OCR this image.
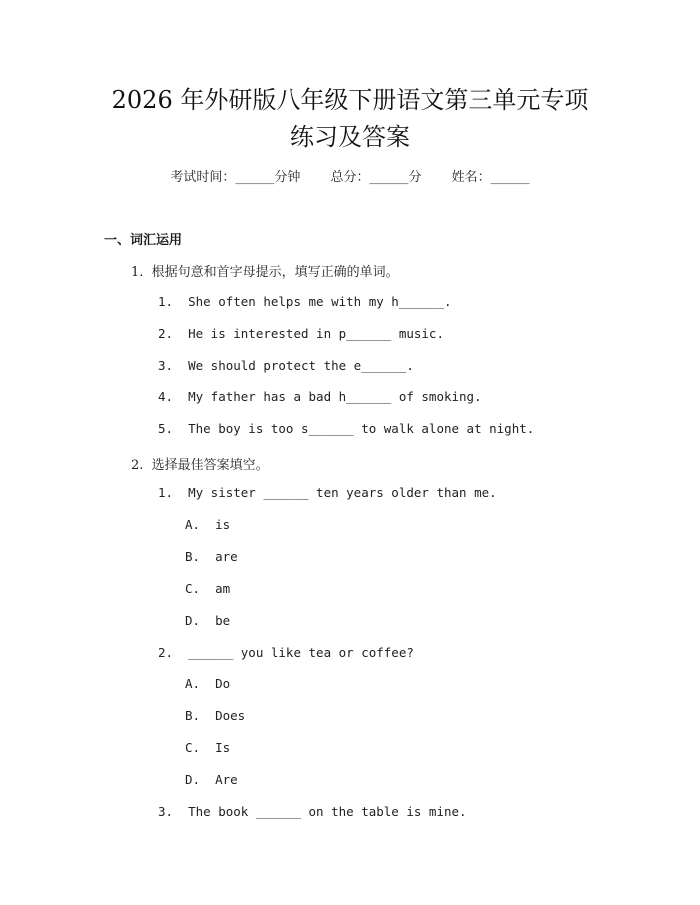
2026 年外研版八年级下册语文第三单元专项
练习及答案
考试时间：______分钟 总分：______分 姓名：______
一、词汇运用
1.  根据句意和首字母提示，填写正确的单词。
1.  She often helps me with my h______.
2.  He is interested in p______ music.
3.  We should protect the e______.
4.  My father has a bad h______ of smoking.
5.  The boy is too s______ to walk alone at night.
2.  选择最佳答案填空。
1.  My sister ______ ten years older than me.
A.  is
B.  are
C.  am
D.  be
2.  ______ you like tea or coffee?
A.  Do
B.  Does
C.  Is
D.  Are
3.  The book ______ on the table is mine.
